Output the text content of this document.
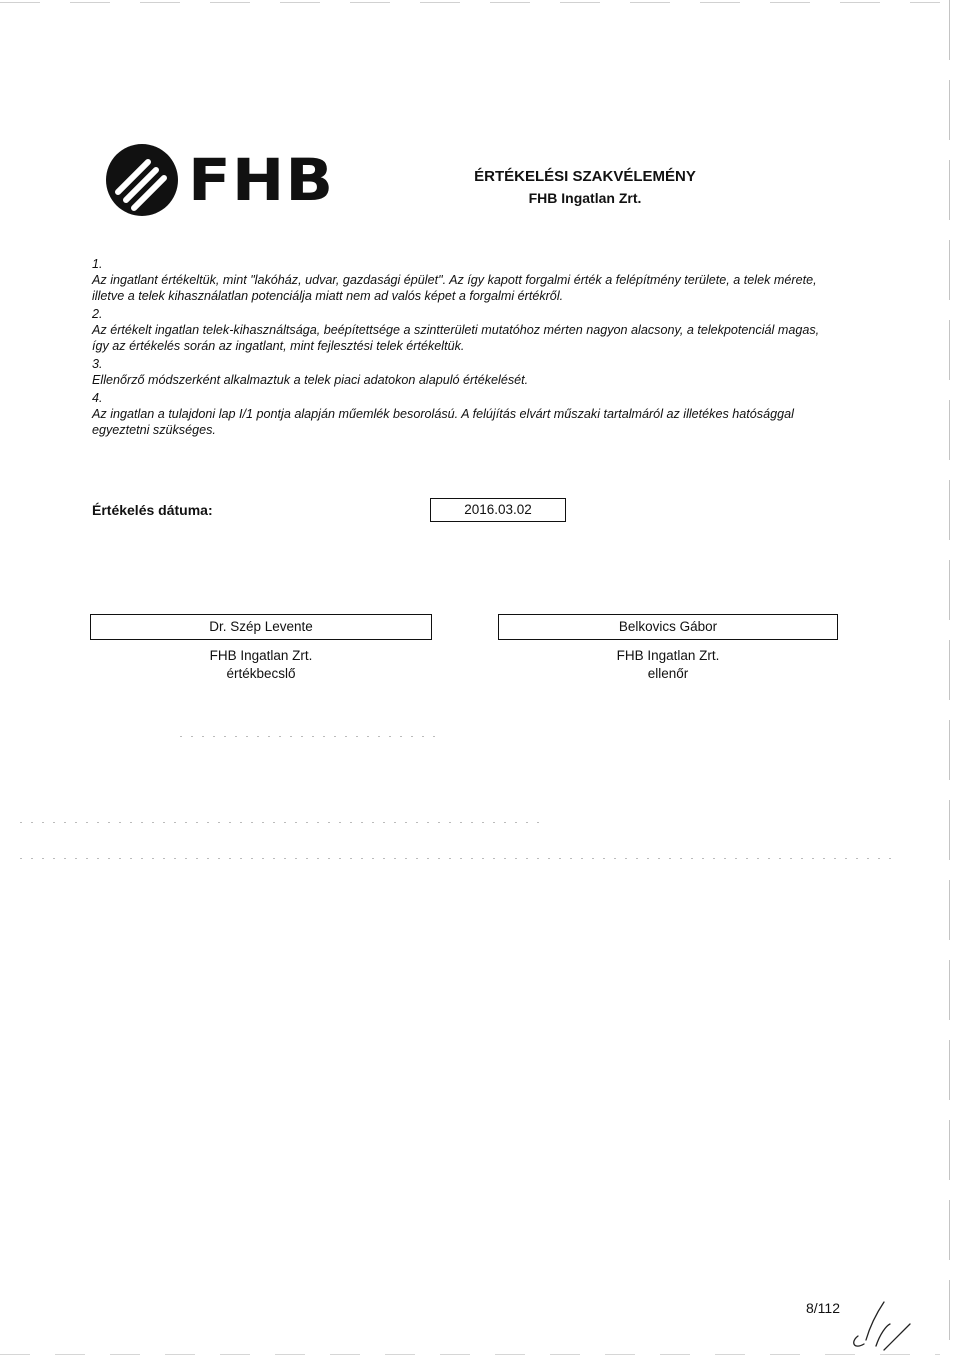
FHB	ÉRTÉKELÉSI SZAKVÉLEMÉNY
FHB Ingatlan Zrt.
1.
Az ingatlant értékeltük, mint "lakóház, udvar, gazdasági épület". Az így kapott forgalmi érték a felépítmény területe, a telek mérete, illetve a telek kihasználatlan potenciálja miatt nem ad valós képet a forgalmi értékről.
2.
Az értékelt ingatlan telek-kihasználtsága, beépítettsége a szintterületi mutatóhoz mérten nagyon alacsony, a telekpotenciál magas, így az értékelés során az ingatlant, mint fejlesztési telek értékeltük.
3.
Ellenőrző módszerként alkalmaztuk a telek piaci adatokon alapuló értékelését.
4.
Az ingatlan a tulajdoni lap I/1 pontja alapján műemlék besorolású. A felújítás elvárt műszaki tartalmáról az illetékes hatósággal egyeztetni szükséges.
Értékelés dátuma:	2016.03.02
Dr. Szép Levente
FHB Ingatlan Zrt.
értékbecslő
Belkovics Gábor
FHB Ingatlan Zrt.
ellenőr
8/112
